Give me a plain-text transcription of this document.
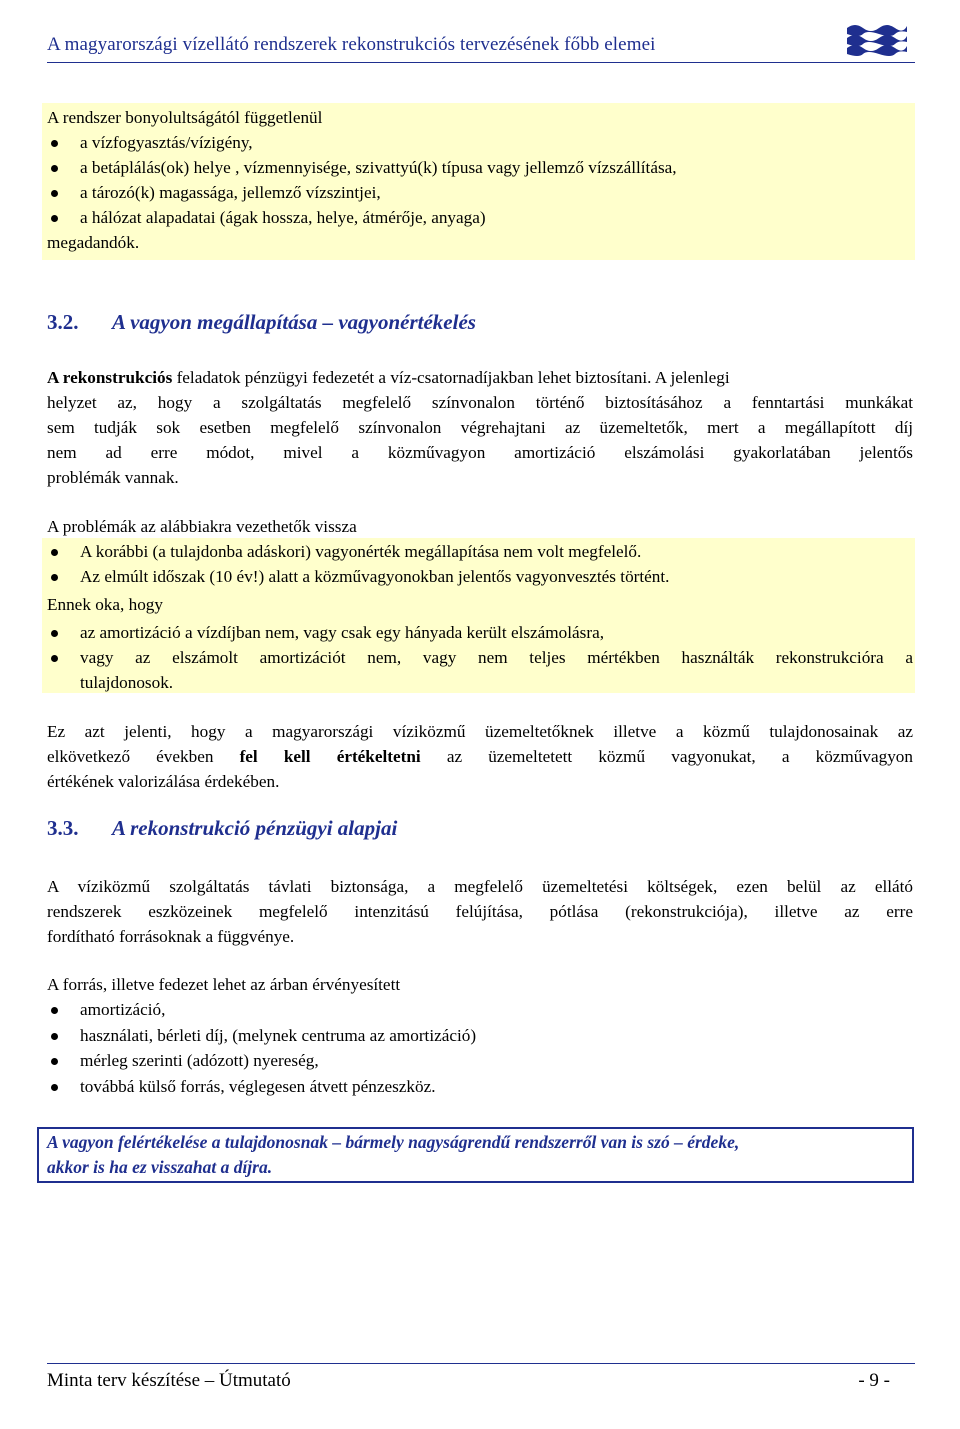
A magyarországi vízellátó rendszerek rekonstrukciós tervezésének főbb elemei
A rendszer bonyolultságától függetlenül
a vízfogyasztás/vízigény,
a betáplálás(ok) helye , vízmennyisége, szivattyú(k) típusa vagy jellemző vízszállítása,
a tározó(k) magassága, jellemző vízszintjei,
a hálózat alapadatai (ágak hossza, helye, átmérője, anyaga)
megadandók.
3.2. A vagyon megállapítása – vagyonértékelés
A rekonstrukciós feladatok pénzügyi fedezetét a víz-csatornadíjakban lehet biztosítani. A jelenlegi
helyzet az, hogy a szolgáltatás megfelelő színvonalon történő biztosításához a fenntartási munkákat
sem tudják sok esetben megfelelő színvonalon végrehajtani az üzemeltetők, mert a megállapított díj
nem ad erre módot, mivel a közművagyon amortizáció elszámolási gyakorlatában jelentős
problémák vannak.
A problémák az alábbiakra vezethetők vissza
A korábbi (a tulajdonba adáskori) vagyonérték megállapítása nem volt megfelelő.
Az elmúlt időszak (10 év!) alatt a közművagyonokban jelentős vagyonvesztés történt.
Ennek oka, hogy
az amortizáció a vízdíjban nem, vagy csak egy hányada került elszámolásra,
vagy az elszámolt amortizációt nem, vagy nem teljes mértékben használták rekonstrukcióra a
tulajdonosok.
Ez azt jelenti, hogy a magyarországi víziközmű üzemeltetőknek illetve a közmű tulajdonosainak az
elkövetkező években fel kell értékeltetni az üzemeltetett közmű vagyonukat, a közművagyon
értékének valorizálása érdekében.
3.3. A rekonstrukció pénzügyi alapjai
A víziközmű szolgáltatás távlati biztonsága, a megfelelő üzemeltetési költségek, ezen belül az ellátó
rendszerek eszközeinek megfelelő intenzitású felújítása, pótlása (rekonstrukciója), illetve az erre
fordítható forrásoknak a függvénye.
A forrás, illetve fedezet lehet az árban érvényesített
amortizáció,
használati, bérleti díj, (melynek centruma az amortizáció)
mérleg szerinti (adózott) nyereség,
továbbá külső forrás, véglegesen átvett pénzeszköz.
A vagyon felértékelése a tulajdonosnak – bármely nagyságrendű rendszerről van is szó – érdeke,
akkor is ha ez visszahat a díjra.
Minta terv készítése – Útmutató	- 9 -
